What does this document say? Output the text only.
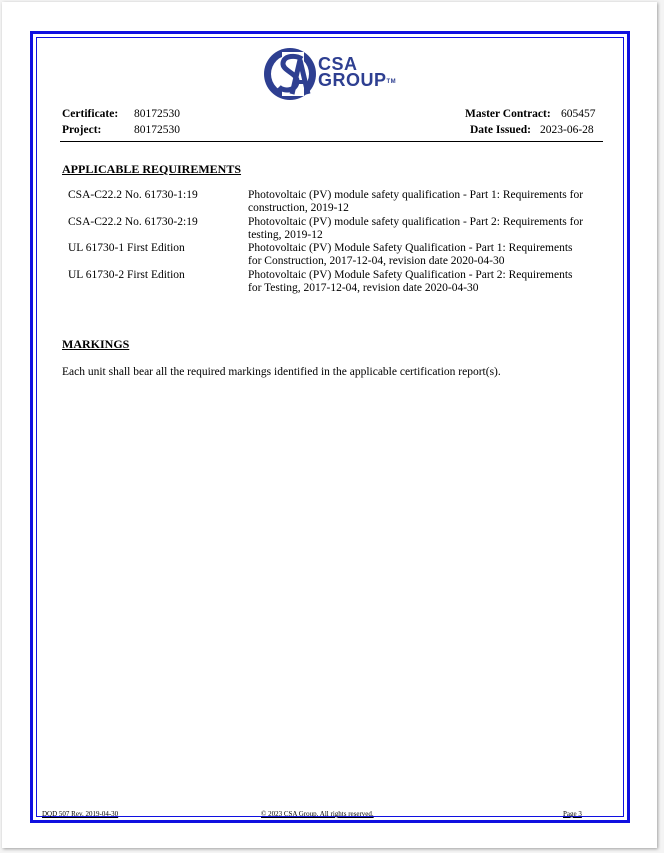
CSA
GROUP™
Certificate: 80172530
Project:	80172530
Master Contract: 605457
Date Issued: 2023-06-28
APPLICABLE REQUIREMENTS
CSA-C22.2 No. 61730-1:19	Photovoltaic (PV) module safety qualification - Part 1: Requirements for
construction, 2019-12
CSA-C22.2 No. 61730-2:19	Photovoltaic (PV) module safety qualification - Part 2: Requirements for
testing, 2019-12
UL 61730-1 First Edition	Photovoltaic (PV) Module Safety Qualification - Part 1: Requirements
for Construction, 2017-12-04, revision date 2020-04-30
UL 61730-2 First Edition	Photovoltaic (PV) Module Safety Qualification - Part 2: Requirements
for Testing, 2017-12-04, revision date 2020-04-30
MARKINGS
Each unit shall bear all the required markings identified in the applicable certification report(s).
DQD 507 Rev. 2019-04-30	© 2023 CSA Group. All rights reserved.	Page 3
